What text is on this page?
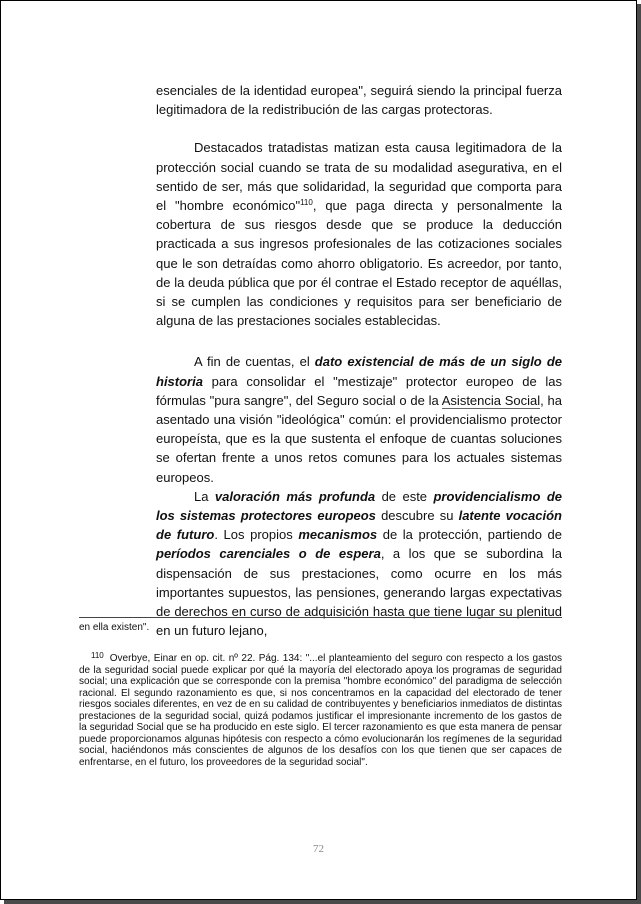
esenciales de la identidad europea", seguirá siendo la principal fuerza legitimadora de la redistribución de las cargas protectoras.

Destacados tratadistas matizan esta causa legitimadora de la protección social cuando se trata de su modalidad asegurativa, en el sentido de ser, más que solidaridad, la seguridad que comporta para el "hombre económico"$^{110}$, que paga directa y personalmente la cobertura de sus riesgos desde que se produce la deducción practicada a sus ingresos profesionales de las cotizaciones sociales que le son detraídas como ahorro obligatorio. Es acreedor, por tanto, de la deuda pública que por él contrae el Estado receptor de aquéllas, si se cumplen las condiciones y requisitos para ser beneficiario de alguna de las prestaciones sociales establecidas.

A fin de cuentas, el dato existencial de más de un siglo de historia para consolidar el "mestizaje" protector europeo de las fórmulas "pura sangre", del Seguro social o de la Asistencia Social, ha asentado una visión "ideológica" común: el providencialismo protector europeísta, que es la que sustenta el enfoque de cuantas soluciones se ofertan frente a unos retos comunes para los actuales sistemas europeos.

La valoración más profunda de este providencialismo de los sistemas protectores europeos descubre su latente vocación de futuro. Los propios mecanismos de la protección, partiendo de períodos carenciales o de espera, a los que se subordina la dispensación de sus prestaciones, como ocurre en los más importantes supuestos, las pensiones, generando largas expectativas de derechos en curso de adquisición hasta que tiene lugar su plenitud en un futuro lejano,

en ella existen".
$^{110}$ Overbye, Einar en op. cit. nº 22. Pág. 134: "...el planteamiento del seguro con respecto a los gastos de la seguridad social puede explicar por qué la mayoría del electorado apoya los programas de seguridad social; una explicación que se corresponde con la premisa "hombre económico" del paradigma de selección racional. El segundo razonamiento es que, si nos concentramos en la capacidad del electorado de tener riesgos sociales diferentes, en vez de en su calidad de contribuyentes y beneficiarios inmediatos de distintas prestaciones de la seguridad social, quizá podamos justificar el impresionante incremento de los gastos de la seguridad Social que se ha producido en este siglo. El tercer razonamiento es que esta manera de pensar puede proporcionamos algunas hipótesis con respecto a cómo evolucionarán los regímenes de la seguridad social, haciéndonos más conscientes de algunos de los desafíos con los que tienen que ser capaces de enfrentarse, en el futuro, los proveedores de la seguridad social".
72
